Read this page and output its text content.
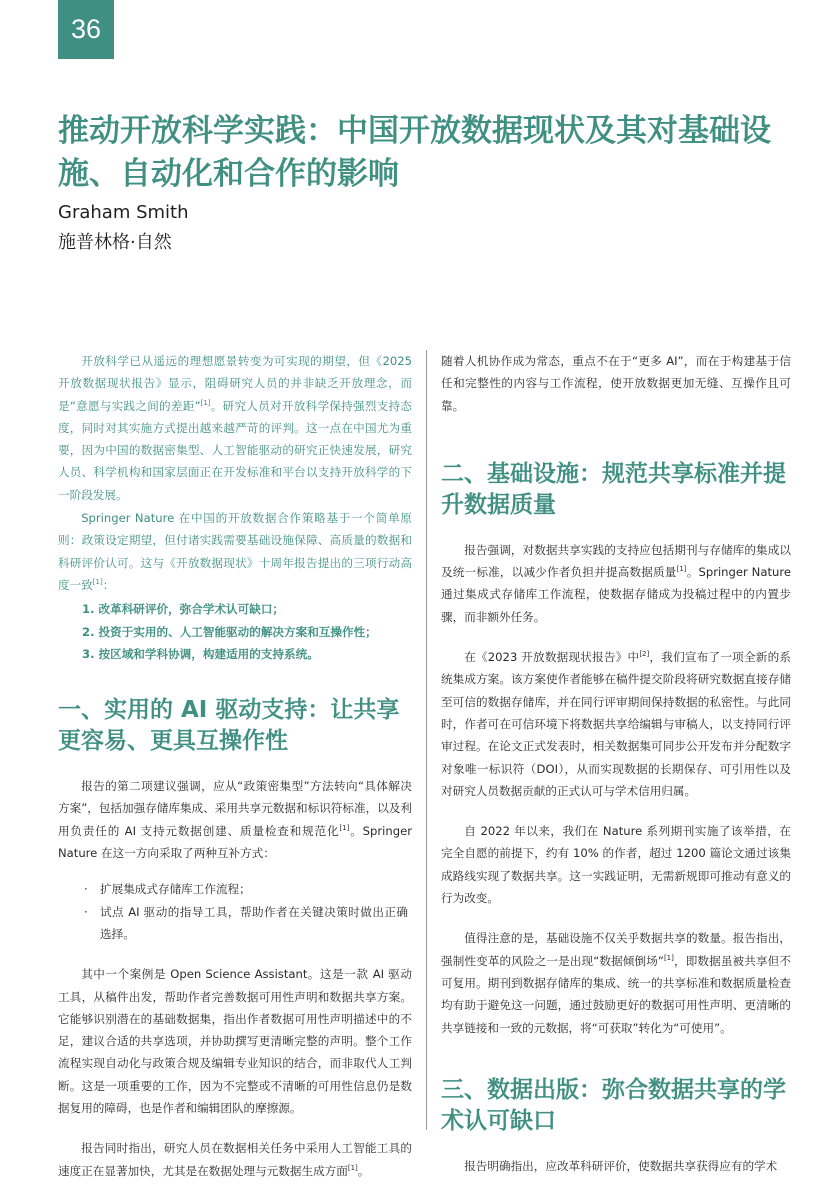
36
推动开放科学实践：中国开放数据现状及其对基础设施、自动化和合作的影响
Graham Smith
施普林格·自然

开放科学已从遥远的理想愿景转变为可实现的期望，但《2025 开放数据现状报告》显示，阻碍研究人员的并非缺乏开放理念，而是“意愿与实践之间的差距”[1]。研究人员对开放科学保持强烈支持态度，同时对其实施方式提出越来越严苛的评判。这一点在中国尤为重要，因为中国的数据密集型、人工智能驱动的研究正快速发展，研究人员、科学机构和国家层面正在开发标准和平台以支持开放科学的下一阶段发展。

Springer Nature 在中国的开放数据合作策略基于一个简单原则：政策设定期望，但付诸实践需要基础设施保障、高质量的数据和科研评价认可。这与《开放数据现状》十周年报告提出的三项行动高度一致[1]：

1. 改革科研评价，弥合学术认可缺口；
2. 投资于实用的、人工智能驱动的解决方案和互操作性；
3. 按区域和学科协调，构建适用的支持系统。
一、实用的 AI 驱动支持：让共享更容易、更具互操作性

报告的第二项建议强调，应从“政策密集型”方法转向“具体解决方案”，包括加强存储库集成、采用共享元数据和标识符标准，以及利用负责任的 AI 支持元数据创建、质量检查和规范化[1]。Springer Nature 在这一方向采取了两种互补方式：

· 扩展集成式存储库工作流程；
· 试点 AI 驱动的指导工具，帮助作者在关键决策时做出正确选择。

其中一个案例是 Open Science Assistant。这是一款 AI 驱动工具，从稿件出发，帮助作者完善数据可用性声明和数据共享方案。它能够识别潜在的基础数据集，指出作者数据可用性声明描述中的不足，建议合适的共享选项，并协助撰写更清晰完整的声明。整个工作流程实现自动化与政策合规及编辑专业知识的结合，而非取代人工判断。这是一项重要的工作，因为不完整或不清晰的可用性信息仍是数据复用的障碍，也是作者和编辑团队的摩擦源。

报告同时指出，研究人员在数据相关任务中采用人工智能工具的速度正在显著加快，尤其是在数据处理与元数据生成方面[1]。

随着人机协作成为常态，重点不在于“更多 AI”，而在于构建基于信任和完整性的内容与工作流程，使开放数据更加无缝、互操作且可靠。

二、基础设施：规范共享标准并提升数据质量

报告强调，对数据共享实践的支持应包括期刊与存储库的集成以及统一标准，以减少作者负担并提高数据质量[1]。Springer Nature 通过集成式存储库工作流程，使数据存储成为投稿过程中的内置步骤，而非额外任务。

在《2023 开放数据现状报告》中[2]，我们宣布了一项全新的系统集成方案。该方案使作者能够在稿件提交阶段将研究数据直接存储至可信的数据存储库，并在同行评审期间保持数据的私密性。与此同时，作者可在可信环境下将数据共享给编辑与审稿人，以支持同行评审过程。在论文正式发表时，相关数据集可同步公开发布并分配数字对象唯一标识符（DOI），从而实现数据的长期保存、可引用性以及对研究人员数据贡献的正式认可与学术信用归属。

自 2022 年以来，我们在 Nature 系列期刊实施了该举措，在完全自愿的前提下，约有 10% 的作者，超过 1200 篇论文通过该集成路线实现了数据共享。这一实践证明，无需新规即可推动有意义的行为改变。

值得注意的是，基础设施不仅关乎数据共享的数量。报告指出，强制性变革的风险之一是出现“数据倾倒场”[1]，即数据虽被共享但不可复用。期刊到数据存储库的集成、统一的共享标准和数据质量检查均有助于避免这一问题，通过鼓励更好的数据可用性声明、更清晰的共享链接和一致的元数据，将“可获取”转化为“可使用”。

三、数据出版：弥合数据共享的学术认可缺口

报告明确指出，应改革科研评价，使数据共享获得应有的学术
